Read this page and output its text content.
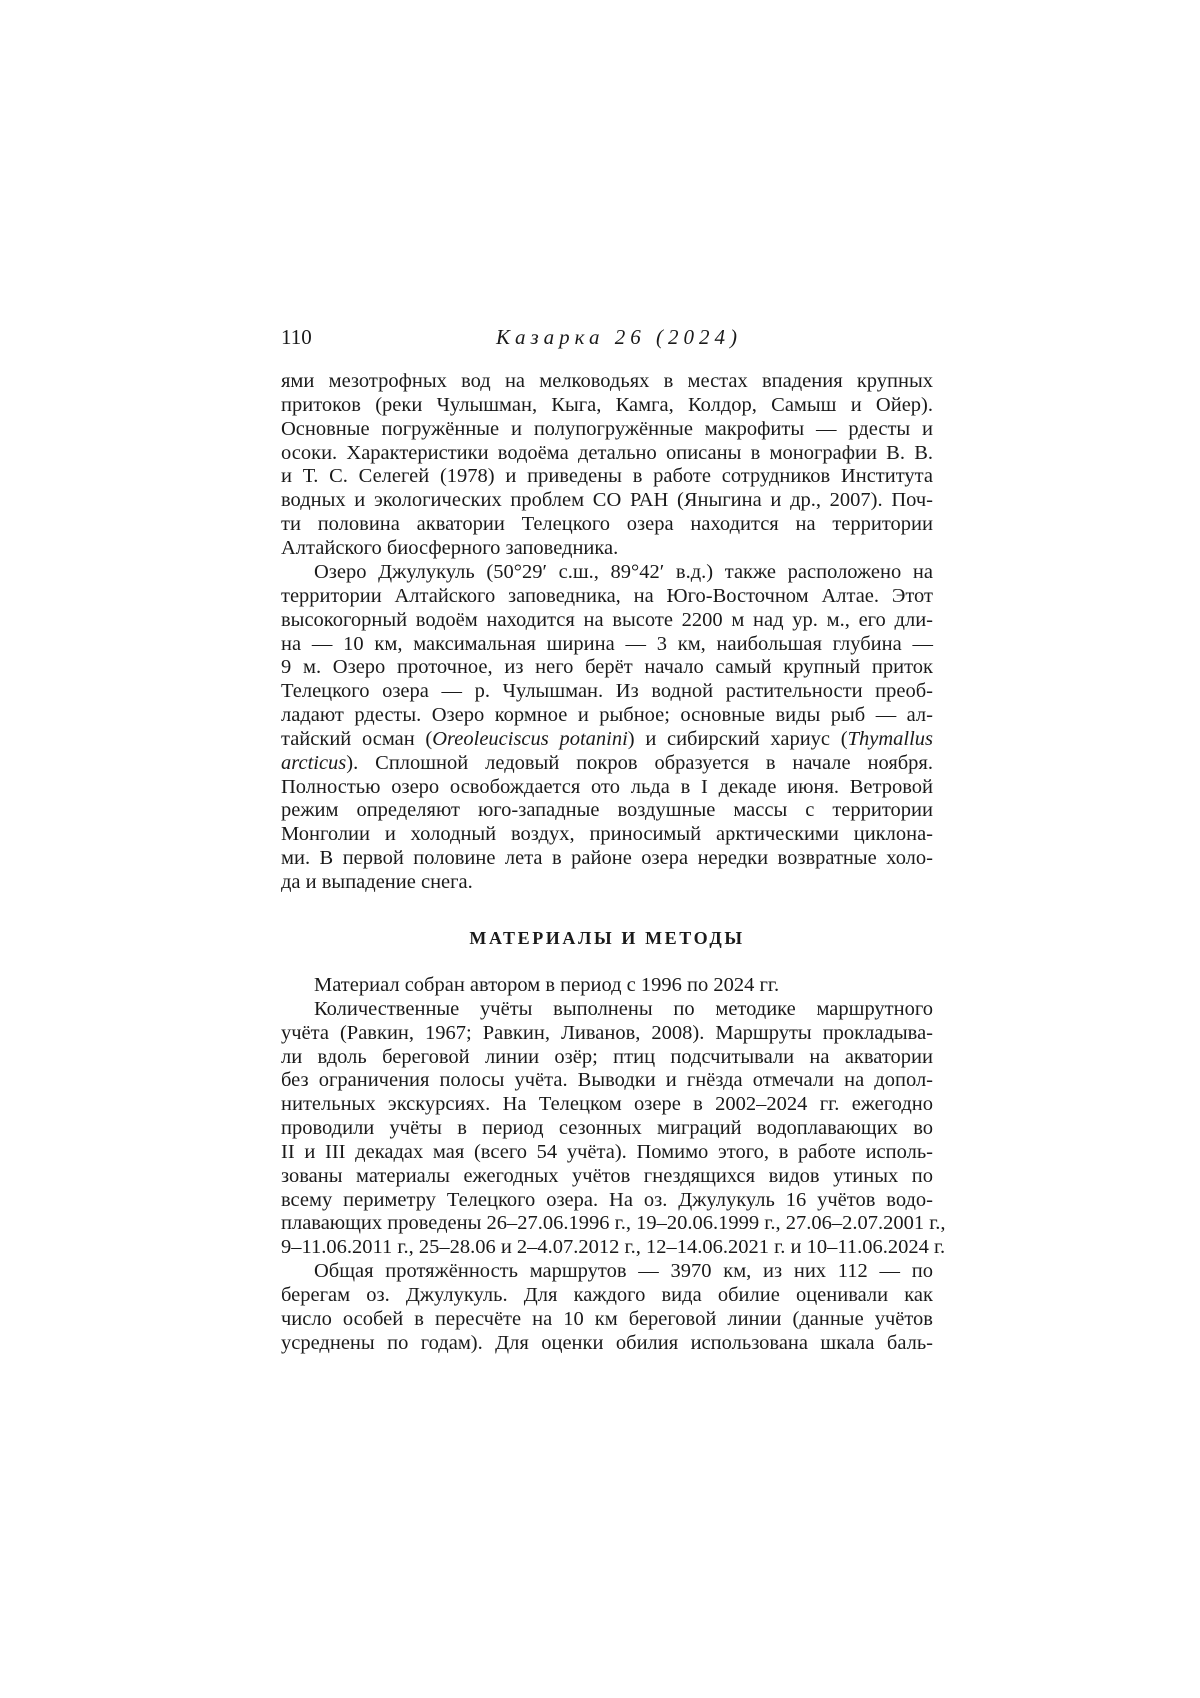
110	Казарка 26 (2024)
ями мезотрофных вод на мелководьях в местах впадения крупных
притоков (реки Чулышман, Кыга, Камга, Колдор, Самыш и Ойер).
Основные погружённые и полупогружённые макрофиты — рдесты и
осоки. Характеристики водоёма детально описаны в монографии В. В.
и Т. С. Селегей (1978) и приведены в работе сотрудников Института
водных и экологических проблем СО РАН (Яныгина и др., 2007). Поч-
ти половина акватории Телецкого озера находится на территории
Алтайского биосферного заповедника.
Озеро Джулукуль (50°29′ с.ш., 89°42′ в.д.) также расположено на
территории Алтайского заповедника, на Юго-Восточном Алтае. Этот
высокогорный водоём находится на высоте 2200 м над ур. м., его дли-
на — 10 км, максимальная ширина — 3 км, наибольшая глубина —
9 м. Озеро проточное, из него берёт начало самый крупный приток
Телецкого озера — р. Чулышман. Из водной растительности преоб-
ладают рдесты. Озеро кормное и рыбное; основные виды рыб — ал-
тайский осман (Oreoleuciscus potanini) и сибирский хариус (Thymallus
arcticus). Сплошной ледовый покров образуется в начале ноября.
Полностью озеро освобождается ото льда в I декаде июня. Ветровой
режим определяют юго-западные воздушные массы с территории
Монголии и холодный воздух, приносимый арктическими циклона-
ми. В первой половине лета в районе озера нередки возвратные холо-
да и выпадение снега.
МАТЕРИАЛЫ И МЕТОДЫ
Материал собран автором в период с 1996 по 2024 гг.
Количественные учёты выполнены по методике маршрутного
учёта (Равкин, 1967; Равкин, Ливанов, 2008). Маршруты прокладыва-
ли вдоль береговой линии озёр; птиц подсчитывали на акватории
без ограничения полосы учёта. Выводки и гнёзда отмечали на допол-
нительных экскурсиях. На Телецком озере в 2002–2024 гг. ежегодно
проводили учёты в период сезонных миграций водоплавающих во
II и III декадах мая (всего 54 учёта). Помимо этого, в работе исполь-
зованы материалы ежегодных учётов гнездящихся видов утиных по
всему периметру Телецкого озера. На оз. Джулукуль 16 учётов водо-
плавающих проведены 26–27.06.1996 г., 19–20.06.1999 г., 27.06–2.07.2001 г.,
9–11.06.2011 г., 25–28.06 и 2–4.07.2012 г., 12–14.06.2021 г. и 10–11.06.2024 г.
Общая протяжённость маршрутов — 3970 км, из них 112 — по
берегам оз. Джулукуль. Для каждого вида обилие оценивали как
число особей в пересчёте на 10 км береговой линии (данные учётов
усреднены по годам). Для оценки обилия использована шкала баль-
